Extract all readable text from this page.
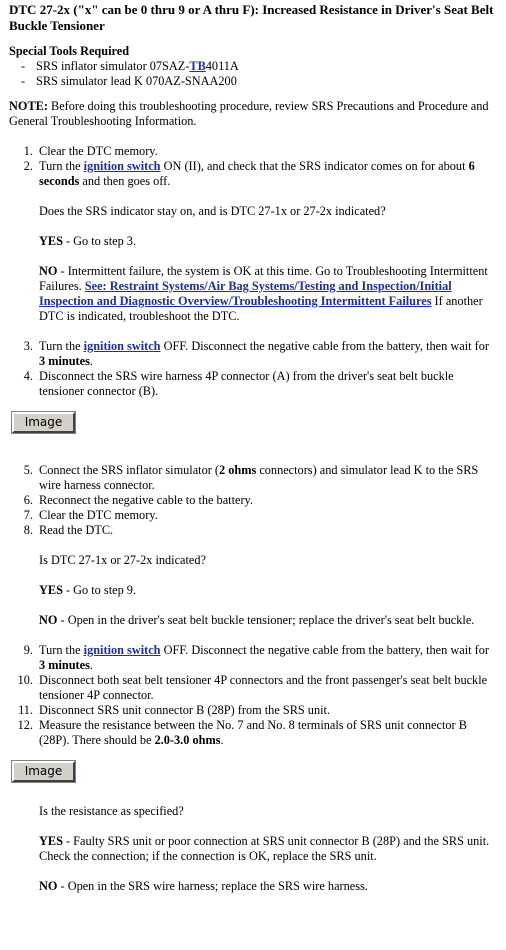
DTC 27-2x ("x" can be 0 thru 9 or A thru F): Increased Resistance in Driver's Seat Belt Buckle Tensioner
Special Tools Required
- SRS inflator simulator 07SAZ-TB4011A
- SRS simulator lead K 070AZ-SNAA200
NOTE: Before doing this troubleshooting procedure, review SRS Precautions and Procedure and General Troubleshooting Information.
1. Clear the DTC memory.
2. Turn the ignition switch ON (II), and check that the SRS indicator comes on for about 6 seconds and then goes off.
Does the SRS indicator stay on, and is DTC 27-1x or 27-2x indicated?
YES - Go to step 3.
NO - Intermittent failure, the system is OK at this time. Go to Troubleshooting Intermittent Failures. See: Restraint Systems/Air Bag Systems/Testing and Inspection/Initial Inspection and Diagnostic Overview/Troubleshooting Intermittent Failures If another DTC is indicated, troubleshoot the DTC.
3. Turn the ignition switch OFF. Disconnect the negative cable from the battery, then wait for 3 minutes.
4. Disconnect the SRS wire harness 4P connector (A) from the driver's seat belt buckle tensioner connector (B).
Image
5. Connect the SRS inflator simulator (2 ohms connectors) and simulator lead K to the SRS wire harness connector.
6. Reconnect the negative cable to the battery.
7. Clear the DTC memory.
8. Read the DTC.
Is DTC 27-1x or 27-2x indicated?
YES - Go to step 9.
NO - Open in the driver's seat belt buckle tensioner; replace the driver's seat belt buckle.
9. Turn the ignition switch OFF. Disconnect the negative cable from the battery, then wait for 3 minutes.
10. Disconnect both seat belt tensioner 4P connectors and the front passenger's seat belt buckle tensioner 4P connector.
11. Disconnect SRS unit connector B (28P) from the SRS unit.
12. Measure the resistance between the No. 7 and No. 8 terminals of SRS unit connector B (28P). There should be 2.0-3.0 ohms.
Image
Is the resistance as specified?
YES - Faulty SRS unit or poor connection at SRS unit connector B (28P) and the SRS unit. Check the connection; if the connection is OK, replace the SRS unit.
NO - Open in the SRS wire harness; replace the SRS wire harness.
